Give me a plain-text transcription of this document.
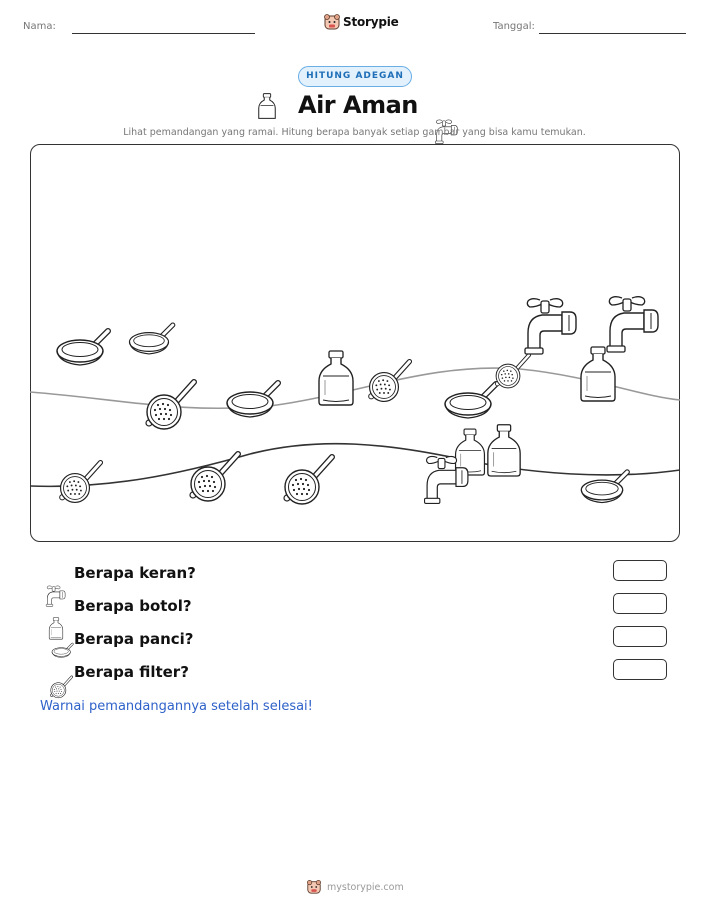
Nama:	Storypie	Tanggal:
HITUNG ADEGAN
Air Aman
Lihat pemandangan yang ramai. Hitung berapa banyak setiap gambar yang bisa kamu temukan.
Berapa keran?
Berapa botol?
Berapa panci?
Berapa filter?
Warnai pemandangannya setelah selesai!
mystorypie.com
